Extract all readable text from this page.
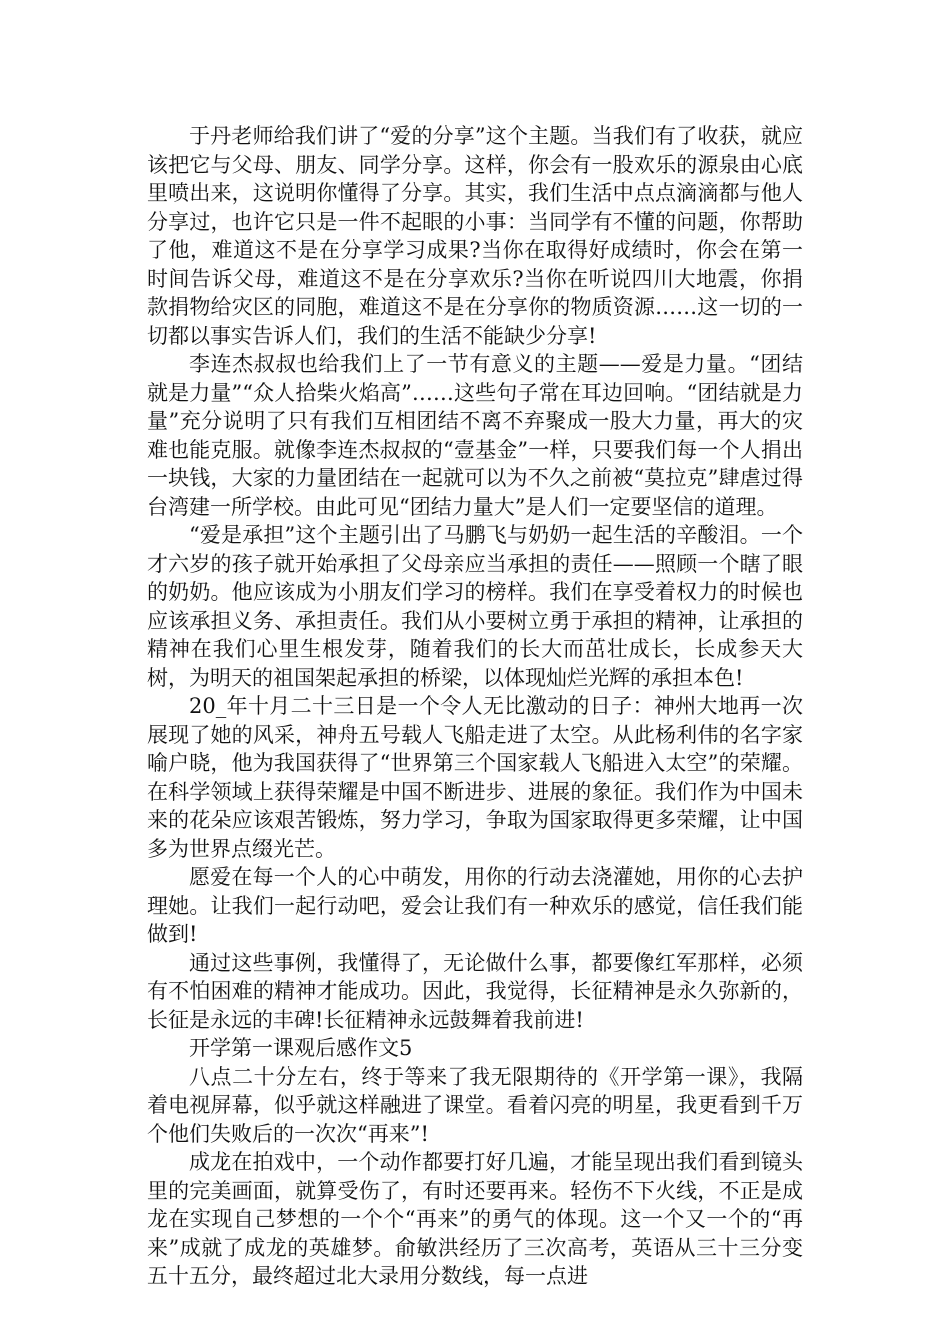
于丹老师给我们讲了“爱的分享”这个主题。当我们有了收获，就应该把它与父母、朋友、同学分享。这样，你会有一股欢乐的源泉由心底里喷出来，这说明你懂得了分享。其实，我们生活中点点滴滴都与他人分享过，也许它只是一件不起眼的小事：当同学有不懂的问题，你帮助了他，难道这不是在分享学习成果?当你在取得好成绩时，你会在第一时间告诉父母，难道这不是在分享欢乐?当你在听说四川大地震，你捐款捐物给灾区的同胞，难道这不是在分享你的物质资源……这一切的一切都以事实告诉人们，我们的生活不能缺少分享!

李连杰叔叔也给我们上了一节有意义的主题——爱是力量。“团结就是力量”“众人拾柴火焰高”……这些句子常在耳边回响。“团结就是力量”充分说明了只有我们互相团结不离不弃聚成一股大力量，再大的灾难也能克服。就像李连杰叔叔的“壹基金”一样，只要我们每一个人捐出一块钱，大家的力量团结在一起就可以为不久之前被“莫拉克”肆虐过得台湾建一所学校。由此可见“团结力量大”是人们一定要坚信的道理。

“爱是承担”这个主题引出了马鹏飞与奶奶一起生活的辛酸泪。一个才六岁的孩子就开始承担了父母亲应当承担的责任——照顾一个瞎了眼的奶奶。他应该成为小朋友们学习的榜样。我们在享受着权力的时候也应该承担义务、承担责任。我们从小要树立勇于承担的精神，让承担的精神在我们心里生根发芽，随着我们的长大而茁壮成长，长成参天大树，为明天的祖国架起承担的桥梁，以体现灿烂光辉的承担本色!

20_年十月二十三日是一个令人无比激动的日子：神州大地再一次展现了她的风采，神舟五号载人飞船走进了太空。从此杨利伟的名字家喻户晓，他为我国获得了“世界第三个国家载人飞船进入太空”的荣耀。在科学领域上获得荣耀是中国不断进步、进展的象征。我们作为中国未来的花朵应该艰苦锻炼，努力学习，争取为国家取得更多荣耀，让中国多为世界点缀光芒。

愿爱在每一个人的心中萌发，用你的行动去浇灌她，用你的心去护理她。让我们一起行动吧，爱会让我们有一种欢乐的感觉，信任我们能做到!

通过这些事例，我懂得了，无论做什么事，都要像红军那样，必须有不怕困难的精神才能成功。因此，我觉得，长征精神是永久弥新的，长征是永远的丰碑!长征精神永远鼓舞着我前进!

开学第一课观后感作文5

八点二十分左右，终于等来了我无限期待的《开学第一课》，我隔着电视屏幕，似乎就这样融进了课堂。看着闪亮的明星，我更看到千万个他们失败后的一次次“再来”!

成龙在拍戏中，一个动作都要打好几遍，才能呈现出我们看到镜头里的完美画面，就算受伤了，有时还要再来。轻伤不下火线，不正是成龙在实现自己梦想的一个个“再来”的勇气的体现。这一个又一个的“再来”成就了成龙的英雄梦。俞敏洪经历了三次高考，英语从三十三分变五十五分，最终超过北大录用分数线，每一点进
